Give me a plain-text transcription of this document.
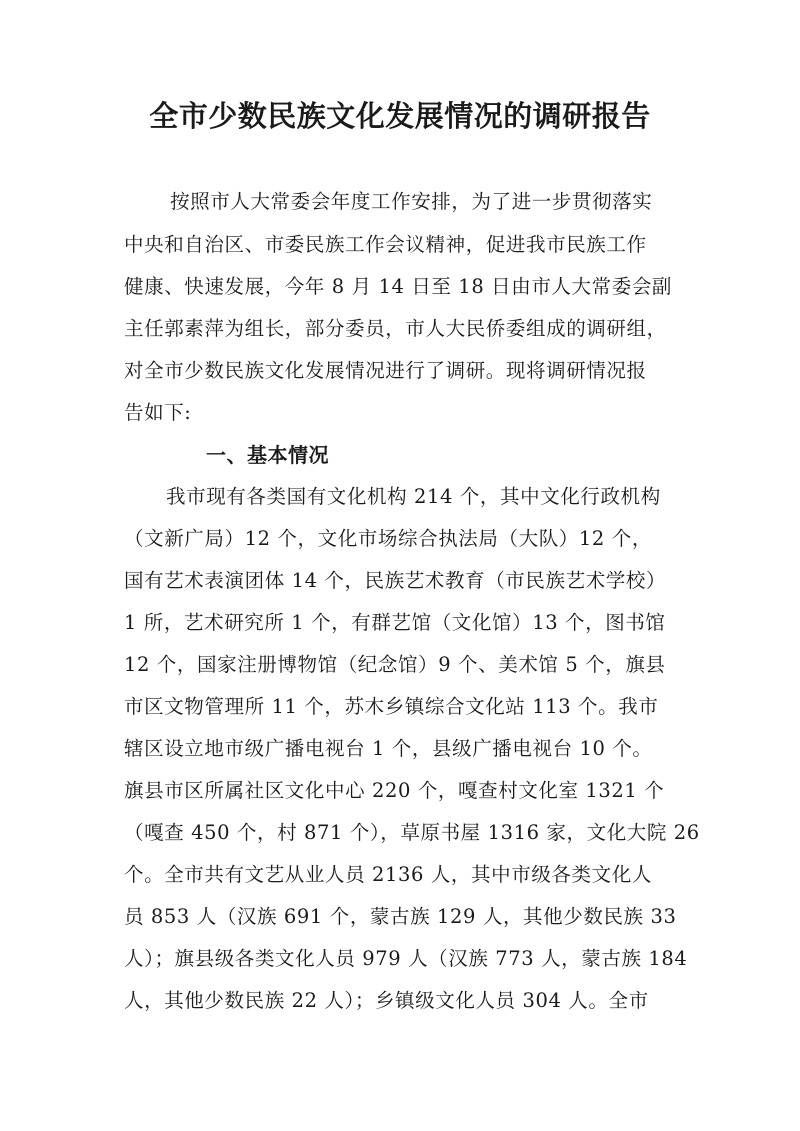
全市少数民族文化发展情况的调研报告
按照市人大常委会年度工作安排，为了进一步贯彻落实
中央和自治区、市委民族工作会议精神，促进我市民族工作
健康、快速发展，今年 8 月 14 日至 18 日由市人大常委会副
主任郭素萍为组长，部分委员，市人大民侨委组成的调研组，
对全市少数民族文化发展情况进行了调研。现将调研情况报
告如下:
一、基本情况
我市现有各类国有文化机构 214 个，其中文化行政机构
（文新广局）12 个，文化市场综合执法局（大队）12 个，
国有艺术表演团体 14 个，民族艺术教育（市民族艺术学校）
1 所，艺术研究所 1 个，有群艺馆（文化馆）13 个，图书馆
12 个，国家注册博物馆（纪念馆）9 个、美术馆 5 个，旗县
市区文物管理所 11 个，苏木乡镇综合文化站 113 个。我市
辖区设立地市级广播电视台 1 个，县级广播电视台 10 个。
旗县市区所属社区文化中心 220 个，嘎查村文化室 1321 个
（嘎查 450 个，村 871 个），草原书屋 1316 家，文化大院 26
个。全市共有文艺从业人员 2136 人，其中市级各类文化人
员 853 人（汉族 691 个，蒙古族 129 人，其他少数民族 33
人）；旗县级各类文化人员 979 人（汉族 773 人，蒙古族 184
人，其他少数民族 22 人）；乡镇级文化人员 304 人。全市
